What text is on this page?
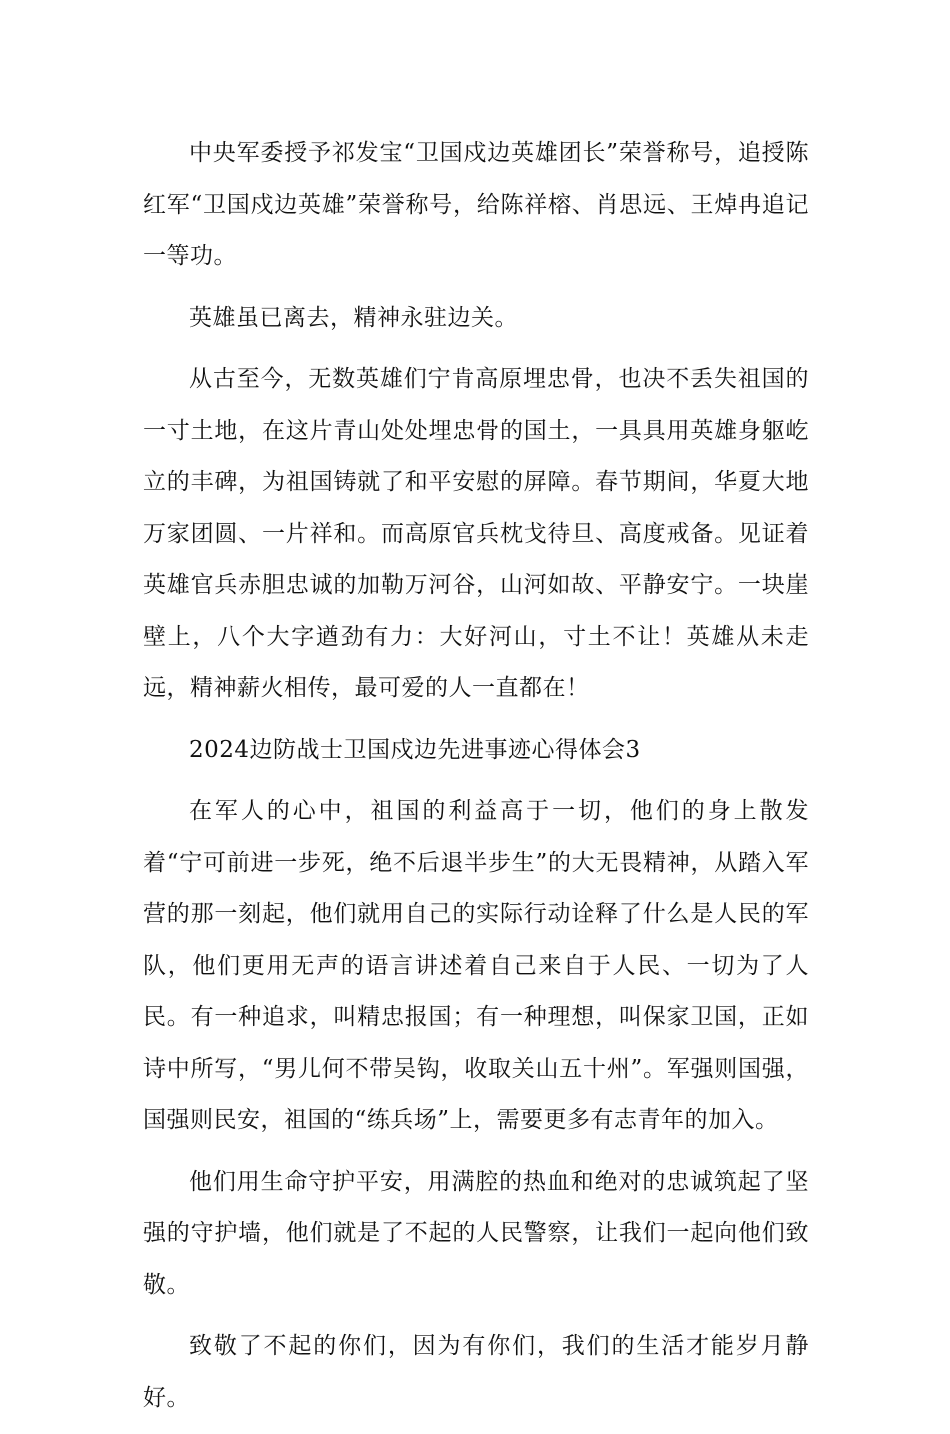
中央军委授予祁发宝“卫国戍边英雄团长”荣誉称号，追授陈红军“卫国戍边英雄”荣誉称号，给陈祥榕、肖思远、王焯冉追记一等功。

英雄虽已离去，精神永驻边关。

从古至今，无数英雄们宁肯高原埋忠骨，也决不丢失祖国的一寸土地，在这片青山处处埋忠骨的国土，一具具用英雄身躯屹立的丰碑，为祖国铸就了和平安慰的屏障。春节期间，华夏大地万家团圆、一片祥和。而高原官兵枕戈待旦、高度戒备。见证着英雄官兵赤胆忠诚的加勒万河谷，山河如故、平静安宁。一块崖壁上，八个大字遒劲有力：大好河山，寸土不让！英雄从未走远，精神薪火相传，最可爱的人一直都在！

2024边防战士卫国戍边先进事迹心得体会3

在军人的心中，祖国的利益高于一切，他们的身上散发着“宁可前进一步死，绝不后退半步生”的大无畏精神，从踏入军营的那一刻起，他们就用自己的实际行动诠释了什么是人民的军队，他们更用无声的语言讲述着自己来自于人民、一切为了人民。有一种追求，叫精忠报国；有一种理想，叫保家卫国，正如诗中所写，“男儿何不带吴钩，收取关山五十州”。军强则国强，国强则民安，祖国的“练兵场”上，需要更多有志青年的加入。

他们用生命守护平安，用满腔的热血和绝对的忠诚筑起了坚强的守护墙，他们就是了不起的人民警察，让我们一起向他们致敬。

致敬了不起的你们，因为有你们，我们的生活才能岁月静好。
